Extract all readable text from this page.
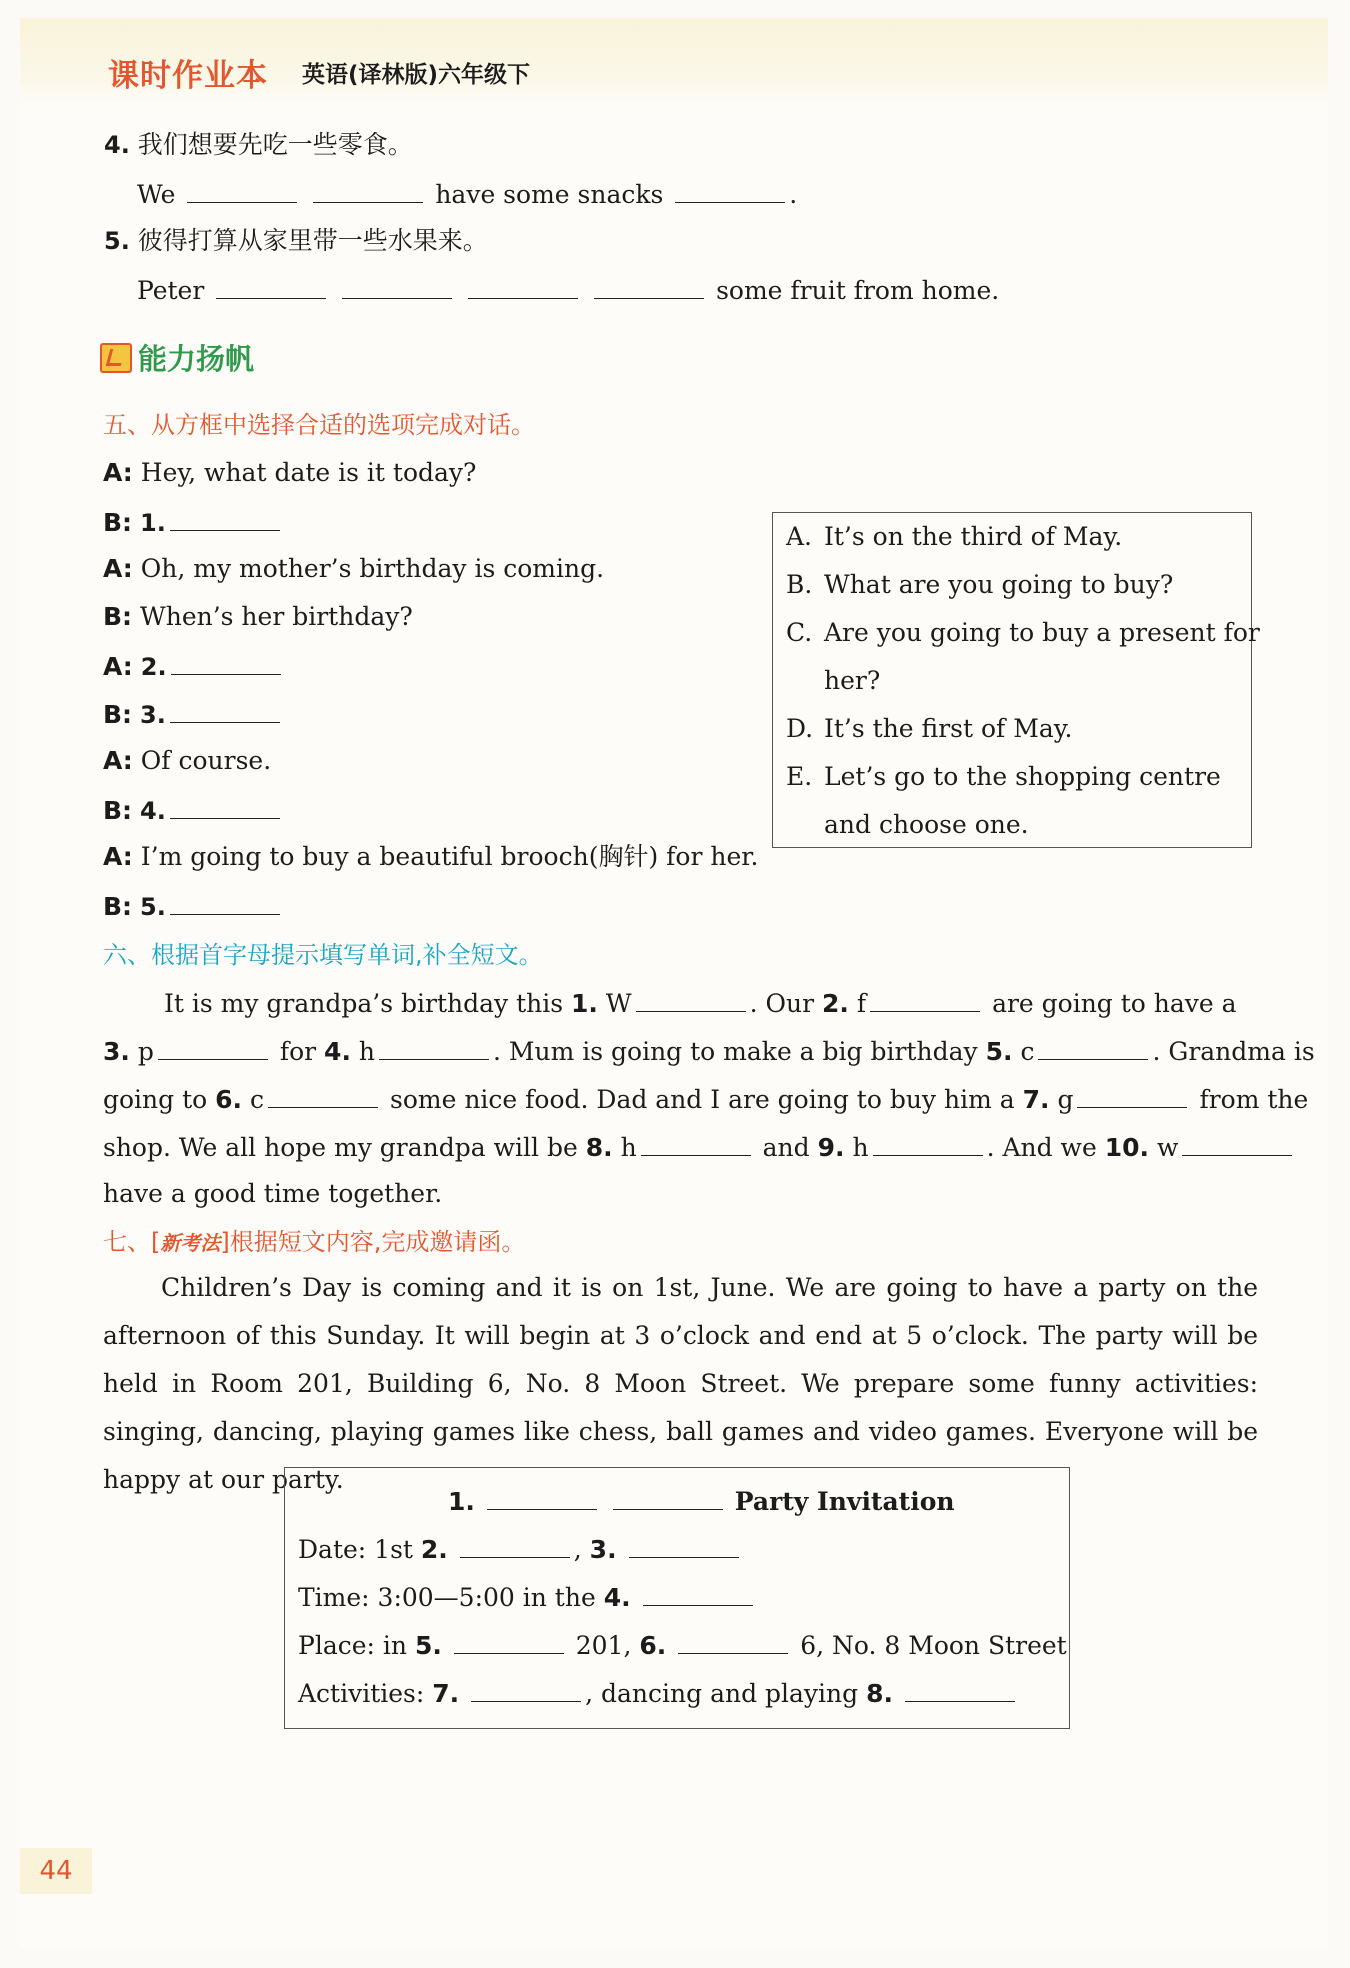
课时作业本 英语(译林版)六年级下
4. 我们想要先吃一些零食。
We	have some snacks	.
5. 彼得打算从家里带一些水果来。
Peter	some fruit from home.
能力扬帆
五、从方框中选择合适的选项完成对话。
A: Hey, what date is it today?
B: 1.
A: Oh, my mother’s birthday is coming.
B: When’s her birthday?
A: 2.
B: 3.
A: Of course.
B: 4.
A: I’m going to buy a beautiful brooch(胸针) for her.
B: 5.
A. It’s on the third of May.
B. What are you going to buy?
C. Are you going to buy a present for
her?
D. It’s the first of May.
E. Let’s go to the shopping centre
and choose one.
六、根据首字母提示填写单词,补全短文。
It is my grandpa’s birthday this 1. W	. Our 2. f	are going to have a
3. p	for 4. h	. Mum is going to make a big birthday 5. c	. Grandma is
going to 6. c	some nice food. Dad and I are going to buy him a 7. g	from the
shop. We all hope my grandpa will be 8. h	and 9. h	. And we 10. w
have a good time together.
七、[新考法]根据短文内容,完成邀请函。
Children’s Day is coming and it is on 1st, June. We are going to have a party on the afternoon of this Sunday. It will begin at 3 o’clock and end at 5 o’clock. The party will be held in Room 201, Building 6, No. 8 Moon Street. We prepare some funny activities: singing, dancing, playing games like chess, ball games and video games. Everyone will be happy at our party.
1.	Party Invitation
Date: 1st 2.	, 3.
Time: 3:00—5:00 in the 4.
Place: in 5.	201, 6.	6, No. 8 Moon Street
Activities: 7.	, dancing and playing 8.
44
